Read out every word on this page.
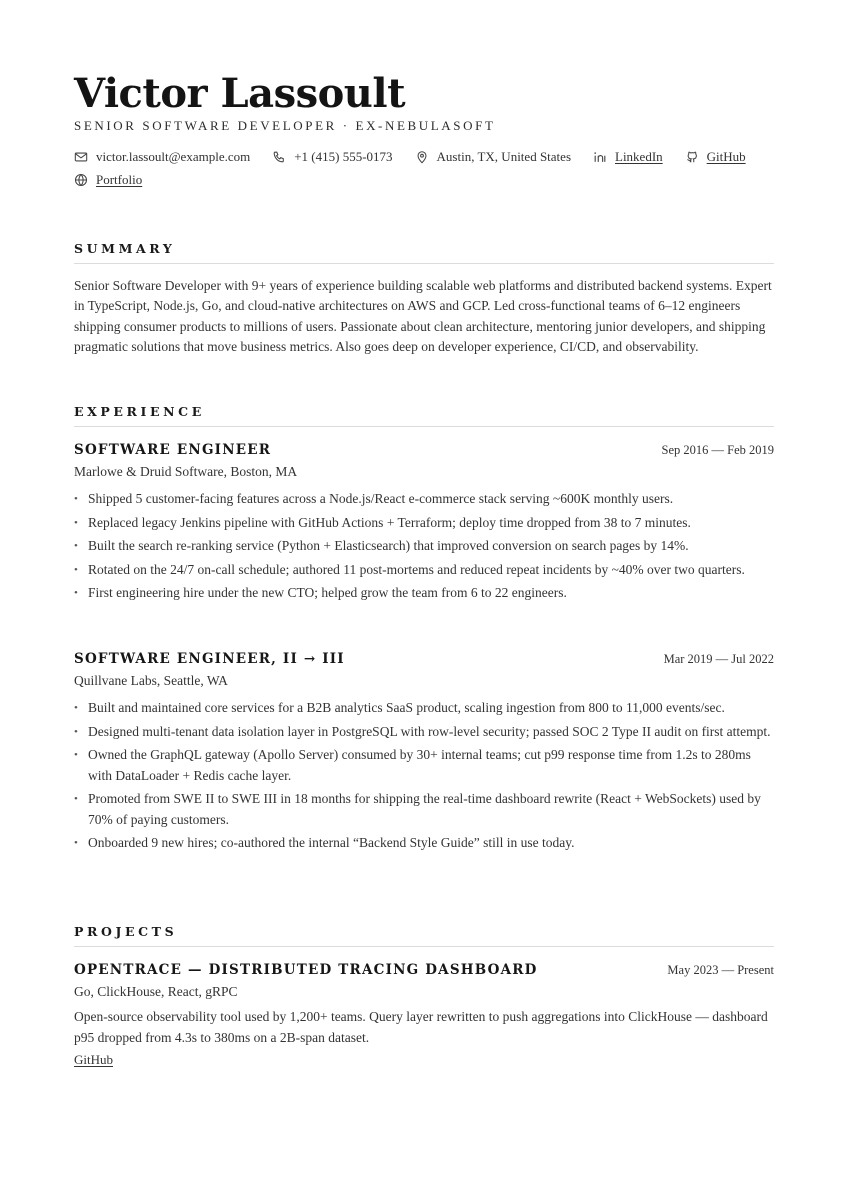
Victor Lassoult
SENIOR SOFTWARE DEVELOPER · EX-NEBULASOFT
victor.lassoult@example.com	+1 (415) 555-0173	Austin, TX, United States	LinkedIn	GitHub
Portfolio
SUMMARY

Senior Software Developer with 9+ years of experience building scalable web platforms and distributed backend systems. Expert in TypeScript, Node.js, Go, and cloud-native architectures on AWS and GCP. Led cross-functional teams of 6–12 engineers shipping consumer products to millions of users. Passionate about clean architecture, mentoring junior developers, and shipping pragmatic solutions that move business metrics. Also goes deep on developer experience, CI/CD, and observability.

EXPERIENCE
SOFTWARE ENGINEER	Sep 2016 — Feb 2019
Marlowe & Druid Software, Boston, MA
• Shipped 5 customer-facing features across a Node.js/React e-commerce stack serving ~600K monthly users.
• Replaced legacy Jenkins pipeline with GitHub Actions + Terraform; deploy time dropped from 38 to 7 minutes.
• Built the search re-ranking service (Python + Elasticsearch) that improved conversion on search pages by 14%.
• Rotated on the 24/7 on-call schedule; authored 11 post-mortems and reduced repeat incidents by ~40% over two quarters.
• First engineering hire under the new CTO; helped grow the team from 6 to 22 engineers.
SOFTWARE ENGINEER, II → III	Mar 2019 — Jul 2022
Quillvane Labs, Seattle, WA
• Built and maintained core services for a B2B analytics SaaS product, scaling ingestion from 800 to 11,000 events/sec.
• Designed multi-tenant data isolation layer in PostgreSQL with row-level security; passed SOC 2 Type II audit on first attempt.
• Owned the GraphQL gateway (Apollo Server) consumed by 30+ internal teams; cut p99 response time from 1.2s to 280ms with DataLoader + Redis cache layer.
• Promoted from SWE II to SWE III in 18 months for shipping the real-time dashboard rewrite (React + WebSockets) used by 70% of paying customers.
• Onboarded 9 new hires; co-authored the internal “Backend Style Guide” still in use today.
PROJECTS
OPENTRACE — DISTRIBUTED TRACING DASHBOARD	May 2023 — Present
Go, ClickHouse, React, gRPC

Open-source observability tool used by 1,200+ teams. Query layer rewritten to push aggregations into ClickHouse — dashboard p95 dropped from 4.3s to 380ms on a 2B-span dataset.

GitHub
